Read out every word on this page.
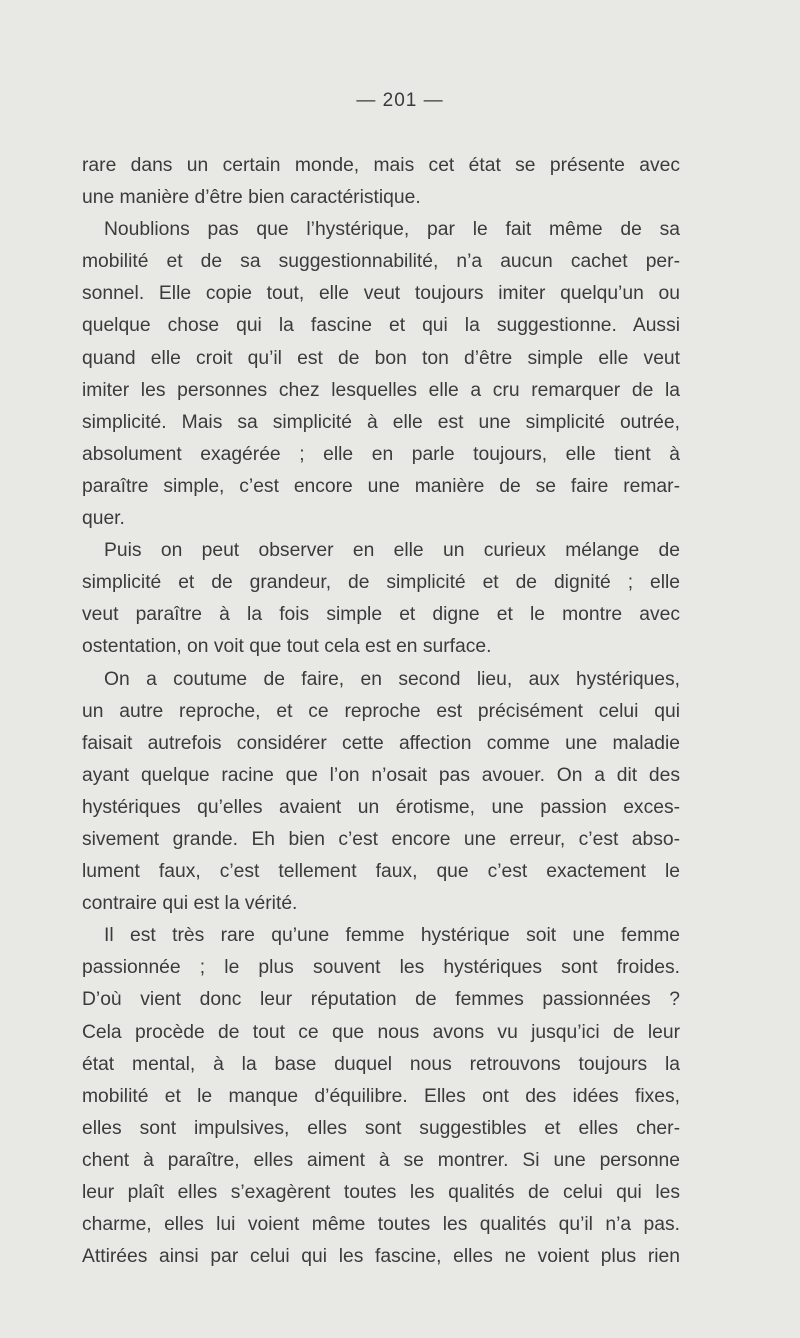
— 201 —
rare dans un certain monde, mais cet état se présente avec
une manière d’être bien caractéristique.
Noublions pas que l’hystérique, par le fait même de sa
mobilité et de sa suggestionnabilité, n’a aucun cachet per-
sonnel. Elle copie tout, elle veut toujours imiter quelqu’un ou
quelque chose qui la fascine et qui la suggestionne. Aussi
quand elle croit qu’il est de bon ton d’être simple elle veut
imiter les personnes chez lesquelles elle a cru remarquer de la
simplicité. Mais sa simplicité à elle est une simplicité outrée,
absolument exagérée ; elle en parle toujours, elle tient à
paraître simple, c’est encore une manière de se faire remar-
quer.
Puis on peut observer en elle un curieux mélange de
simplicité et de grandeur, de simplicité et de dignité ; elle
veut paraître à la fois simple et digne et le montre avec
ostentation, on voit que tout cela est en surface.
On a coutume de faire, en second lieu, aux hystériques,
un autre reproche, et ce reproche est précisément celui qui
faisait autrefois considérer cette affection comme une maladie
ayant quelque racine que l’on n’osait pas avouer. On a dit des
hystériques qu’elles avaient un érotisme, une passion exces-
sivement grande. Eh bien c’est encore une erreur, c’est abso-
lument faux, c’est tellement faux, que c’est exactement le
contraire qui est la vérité.
Il est très rare qu’une femme hystérique soit une femme
passionnée ; le plus souvent les hystériques sont froides.
D’où vient donc leur réputation de femmes passionnées ?
Cela procède de tout ce que nous avons vu jusqu’ici de leur
état mental, à la base duquel nous retrouvons toujours la
mobilité et le manque d’équilibre. Elles ont des idées fixes,
elles sont impulsives, elles sont suggestibles et elles cher-
chent à paraître, elles aiment à se montrer. Si une personne
leur plaît elles s’exagèrent toutes les qualités de celui qui les
charme, elles lui voient même toutes les qualités qu’il n’a pas.
Attirées ainsi par celui qui les fascine, elles ne voient plus rien
